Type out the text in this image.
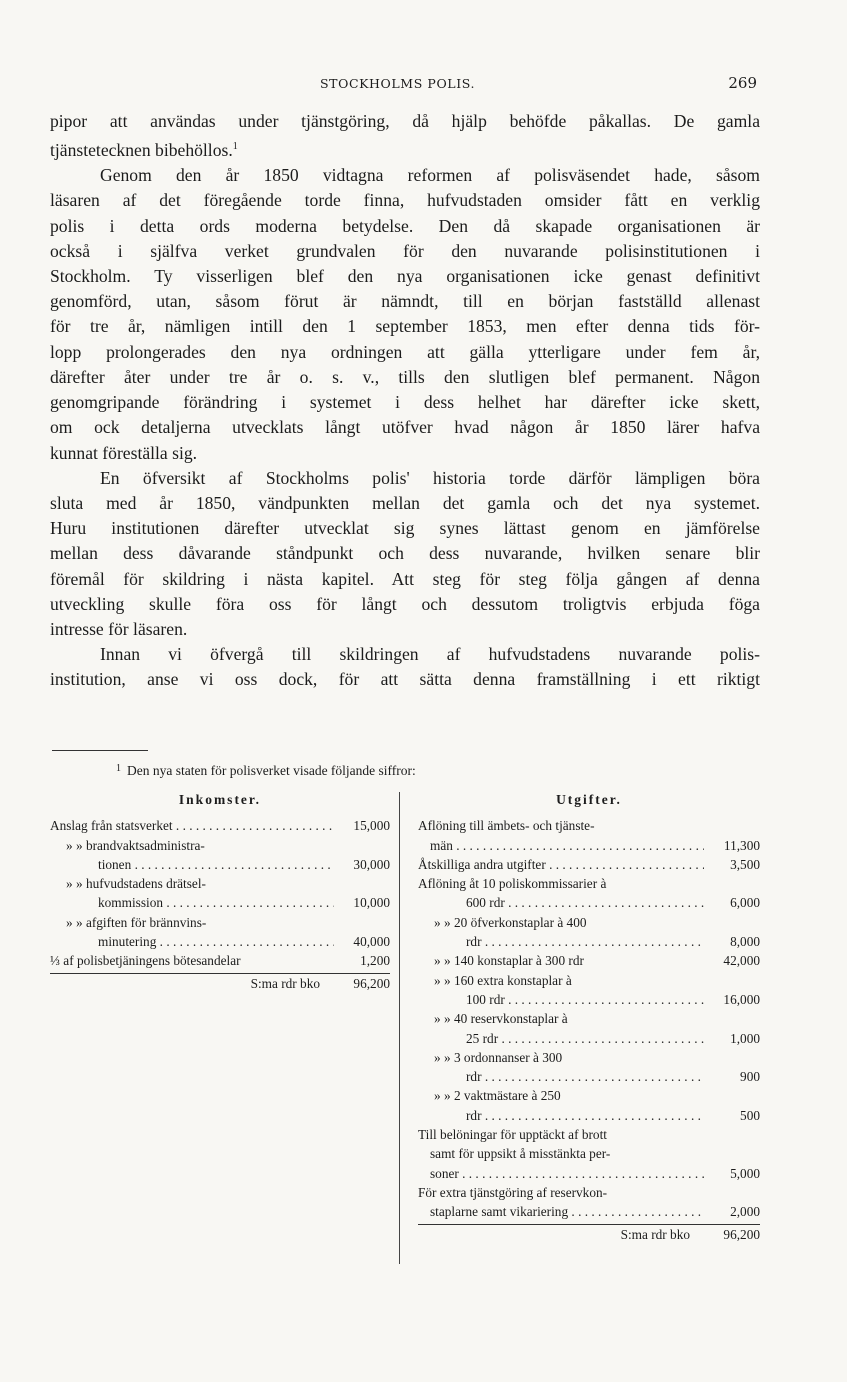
STOCKHOLMS POLIS.	269

pipor att användas under tjänstgöring, då hjälp behöfde påkallas. De gamla

tjänstetecknen bibehöllos.$^1$

Genom den år 1850 vidtagna reformen af polisväsendet hade, såsom

läsaren af det föregående torde finna, hufvudstaden omsider fått en verklig

polis i detta ords moderna betydelse. Den då skapade organisationen är

också i själfva verket grundvalen för den nuvarande polisinstitutionen i

Stockholm. Ty visserligen blef den nya organisationen icke genast definitivt

genomförd, utan, såsom förut är nämndt, till en början fastställd allenast

för tre år, nämligen intill den 1 september 1853, men efter denna tids för-

lopp prolongerades den nya ordningen att gälla ytterligare under fem år,

därefter åter under tre år o. s. v., tills den slutligen blef permanent. Någon

genomgripande förändring i systemet i dess helhet har därefter icke skett,

om ock detaljerna utvecklats långt utöfver hvad någon år 1850 lärer hafva

kunnat föreställa sig.

En öfversikt af Stockholms polis' historia torde därför lämpligen böra

sluta med år 1850, vändpunkten mellan det gamla och det nya systemet.

Huru institutionen därefter utvecklat sig synes lättast genom en jämförelse

mellan dess dåvarande ståndpunkt och dess nuvarande, hvilken senare blir

föremål för skildring i nästa kapitel. Att steg för steg följa gången af denna

utveckling skulle föra oss för långt och dessutom troligtvis erbjuda föga

intresse för läsaren.

Innan vi öfvergå till skildringen af hufvudstadens nuvarande polis-

institution, anse vi oss dock, för att sätta denna framställning i ett riktigt

$^1$ Den nya staten för polisverket visade följande siffror:
Inkomster.
Anslag från statsverket . . .	15,000
» » brandvaktsadministra-
tionen . . .	30,000
» » hufvudstadens drätsel-
kommission . . .	10,000
» » afgiften för brännvins-
minutering . . .	40,000
⅓ af polisbetjäningens bötesandelar	1,200
S:ma rdr bko	96,200
Utgifter.
Aflöning till ämbets- och tjänste-
män . . .	11,300
Åtskilliga andra utgifter . . .	3,500
Aflöning åt 10 poliskommissarier à
600 rdr . . .	6,000
» » 20 öfverkonstaplar à 400
rdr . . .	8,000
» » 140 konstaplar à 300 rdr	42,000
» » 160 extra konstaplar à
100 rdr . . .	16,000
» » 40 reservkonstaplar à
25 rdr . . .	1,000
» » 3 ordonnanser à 300
rdr . . .	900
» » 2 vaktmästare à 250
rdr . . .	500
Till belöningar för upptäckt af brott
samt för uppsikt å misstänkta per-
soner . . .	5,000
För extra tjänstgöring af reservkon-
staplarne samt vikariering . . .	2,000
S:ma rdr bko	96,200
